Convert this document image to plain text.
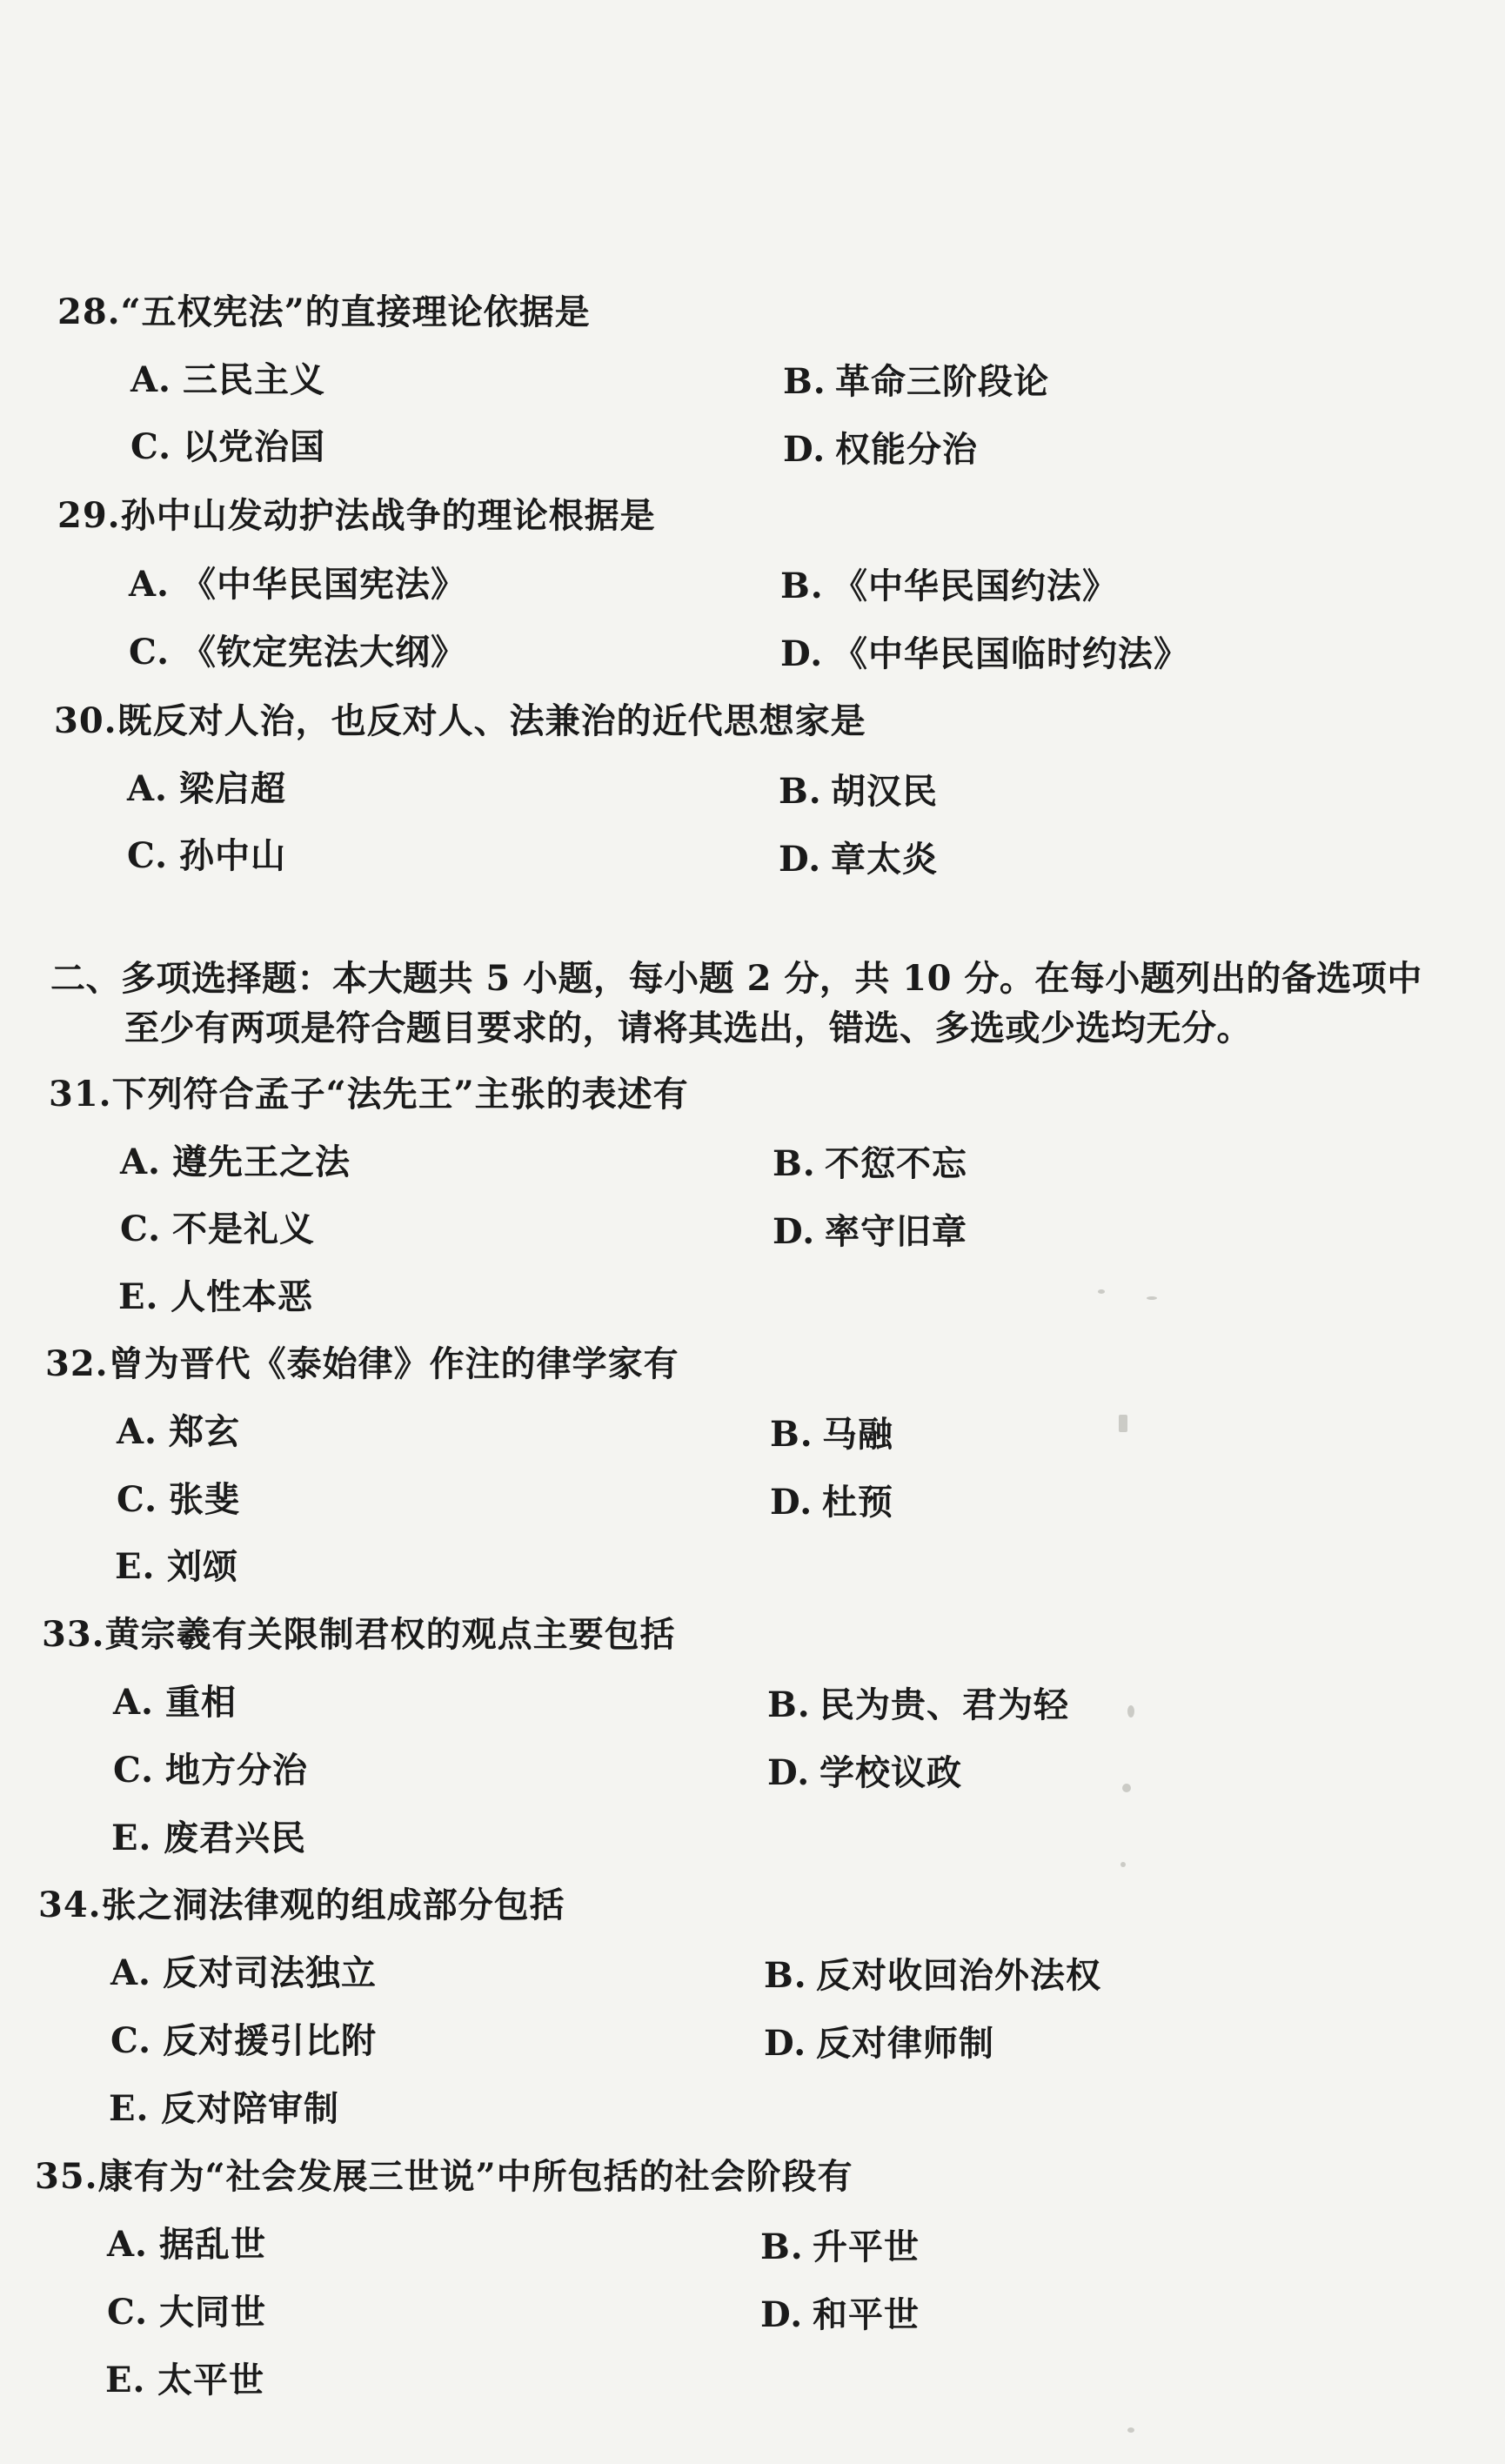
28.“五权宪法”的直接理论依据是
A. 三民主义	B. 革命三阶段论
C. 以党治国	D. 权能分治
29.孙中山发动护法战争的理论根据是
A. 《中华民国宪法》	B. 《中华民国约法》
C. 《钦定宪法大纲》	D. 《中华民国临时约法》
30.既反对人治，也反对人、法兼治的近代思想家是
A. 梁启超	B. 胡汉民
C. 孙中山	D. 章太炎
二、多项选择题：本大题共 5 小题，每小题 2 分，共 10 分。在每小题列出的备选项中
至少有两项是符合题目要求的，请将其选出，错选、多选或少选均无分。
31.下列符合孟子“法先王”主张的表述有
A. 遵先王之法	B. 不愆不忘
C. 不是礼义	D. 率守旧章
E. 人性本恶
32.曾为晋代《泰始律》作注的律学家有
A. 郑玄	B. 马融
C. 张斐	D. 杜预
E. 刘颂
33.黄宗羲有关限制君权的观点主要包括
A. 重相	B. 民为贵、君为轻
C. 地方分治	D. 学校议政
E. 废君兴民
34.张之洞法律观的组成部分包括
A. 反对司法独立	B. 反对收回治外法权
C. 反对援引比附	D. 反对律师制
E. 反对陪审制
35.康有为“社会发展三世说”中所包括的社会阶段有
A. 据乱世	B. 升平世
C. 大同世	D. 和平世
E. 太平世
